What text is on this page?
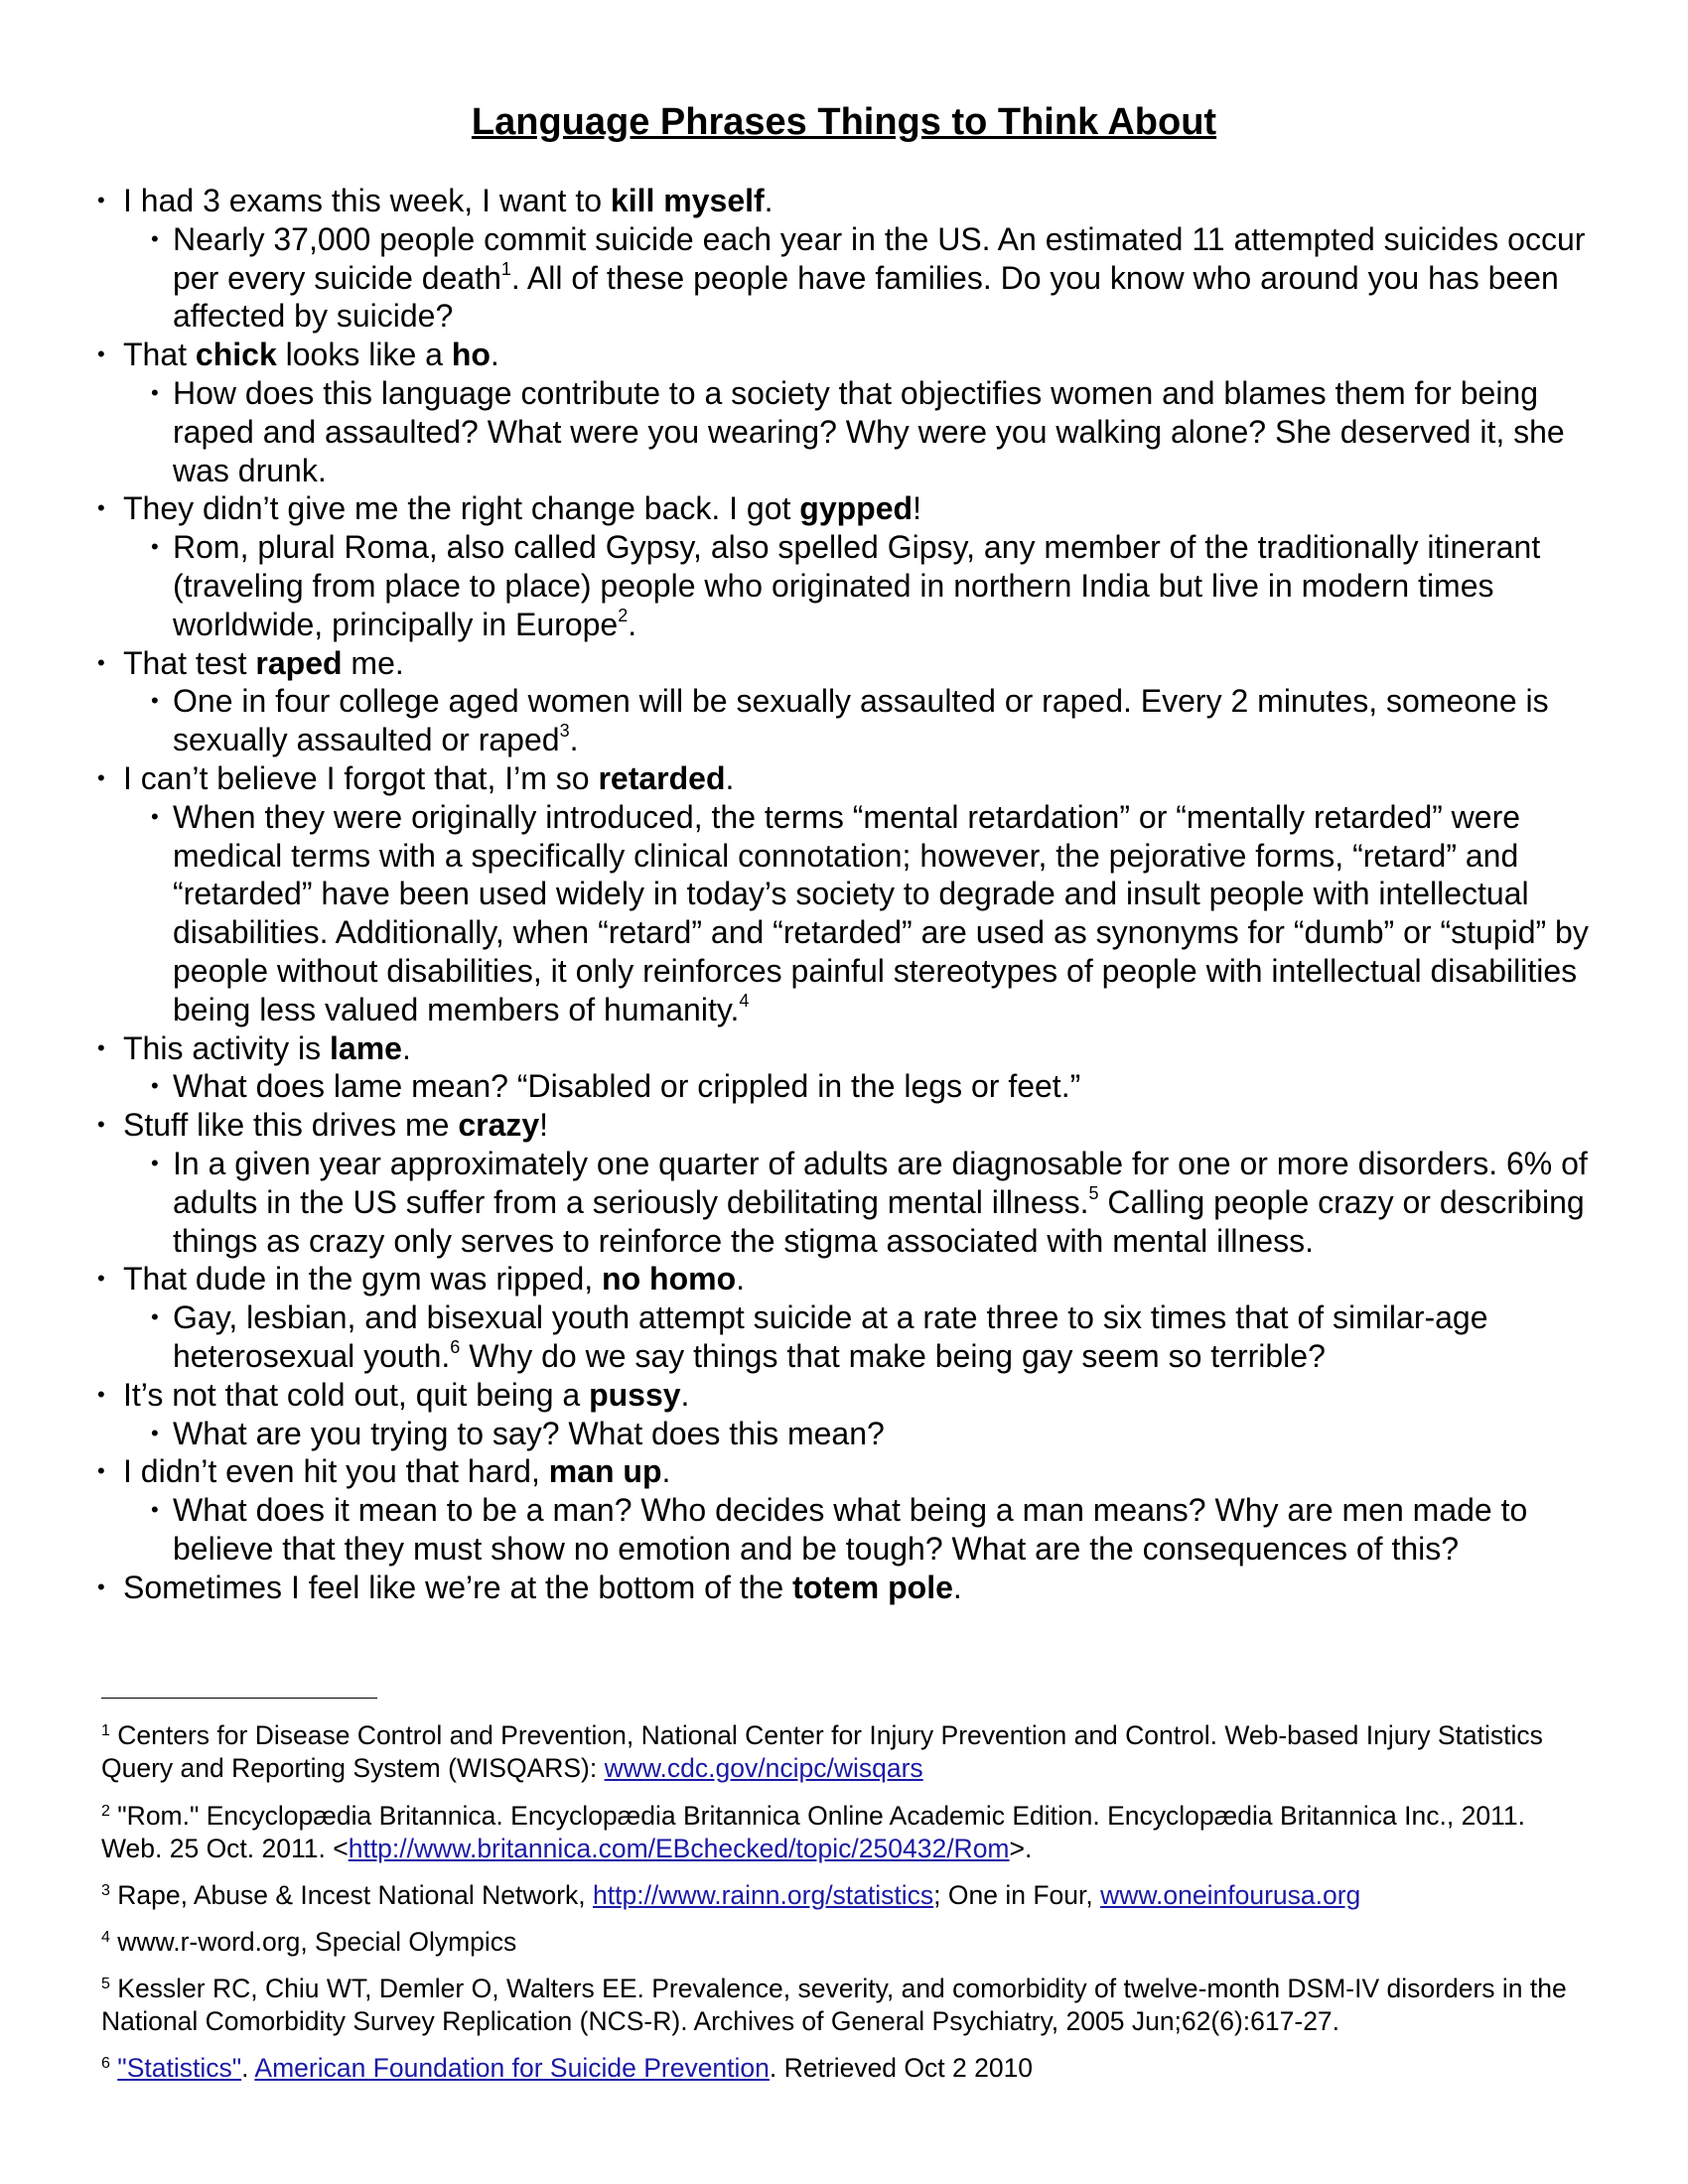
Language Phrases Things to Think About
• I had 3 exams this week, I want to kill myself.
• Nearly 37,000 people commit suicide each year in the US. An estimated 11 attempted suicides occur per every suicide death$^1$. All of these people have families. Do you know who around you has been affected by suicide?
• That chick looks like a ho.
• How does this language contribute to a society that objectifies women and blames them for being raped and assaulted? What were you wearing? Why were you walking alone? She deserved it, she was drunk.
• They didn’t give me the right change back. I got gypped!
• Rom, plural Roma, also called Gypsy, also spelled Gipsy, any member of the traditionally itinerant (traveling from place to place) people who originated in northern India but live in modern times worldwide, principally in Europe$^2$.
• That test raped me.
• One in four college aged women will be sexually assaulted or raped. Every 2 minutes, someone is sexually assaulted or raped$^3$.
• I can’t believe I forgot that, I’m so retarded.
• When they were originally introduced, the terms “mental retardation” or “mentally retarded” were medical terms with a specifically clinical connotation; however, the pejorative forms, “retard” and “retarded” have been used widely in today’s society to degrade and insult people with intellectual disabilities. Additionally, when “retard” and “retarded” are used as synonyms for “dumb” or “stupid” by people without disabilities, it only reinforces painful stereotypes of people with intellectual disabilities being less valued members of humanity.$^4$
• This activity is lame.
• What does lame mean? “Disabled or crippled in the legs or feet.”
• Stuff like this drives me crazy!
• In a given year approximately one quarter of adults are diagnosable for one or more disorders. 6% of adults in the US suffer from a seriously debilitating mental illness.$^5$ Calling people crazy or describing things as crazy only serves to reinforce the stigma associated with mental illness.
• That dude in the gym was ripped, no homo.
• Gay, lesbian, and bisexual youth attempt suicide at a rate three to six times that of similar-age heterosexual youth.$^6$ Why do we say things that make being gay seem so terrible?
• It’s not that cold out, quit being a pussy.
• What are you trying to say? What does this mean?
• I didn’t even hit you that hard, man up.
• What does it mean to be a man? Who decides what being a man means? Why are men made to believe that they must show no emotion and be tough? What are the consequences of this?
• Sometimes I feel like we’re at the bottom of the totem pole.
$^1$ Centers for Disease Control and Prevention, National Center for Injury Prevention and Control. Web-based Injury Statistics Query and Reporting System (WISQARS): www.cdc.gov/ncipc/wisqars
$^2$ "Rom." Encyclopædia Britannica. Encyclopædia Britannica Online Academic Edition. Encyclopædia Britannica Inc., 2011. Web. 25 Oct. 2011. <http://www.britannica.com/EBchecked/topic/250432/Rom>.
$^3$ Rape, Abuse & Incest National Network, http://www.rainn.org/statistics; One in Four, www.oneinfourusa.org
$^4$ www.r-word.org, Special Olympics
$^5$ Kessler RC, Chiu WT, Demler O, Walters EE. Prevalence, severity, and comorbidity of twelve-month DSM-IV disorders in the National Comorbidity Survey Replication (NCS-R). Archives of General Psychiatry, 2005 Jun;62(6):617-27.
$^6$ "Statistics". American Foundation for Suicide Prevention. Retrieved Oct 2 2010
